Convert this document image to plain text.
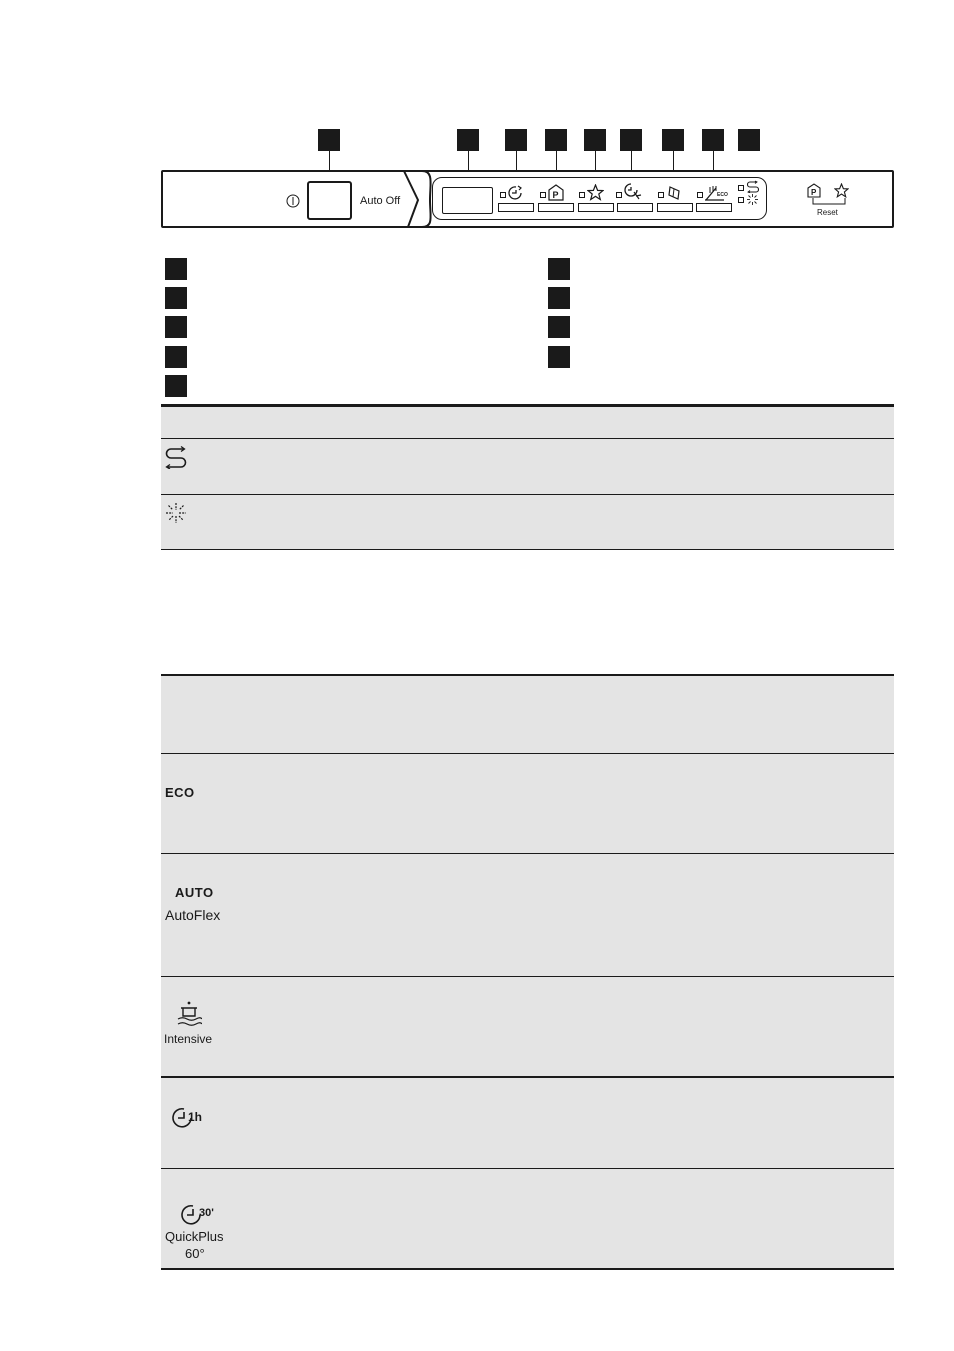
Auto Off	P	ECO	P
Reset
ECO
AUTO
AutoFlex
Intensive
1h
30'
QuickPlus
60°
